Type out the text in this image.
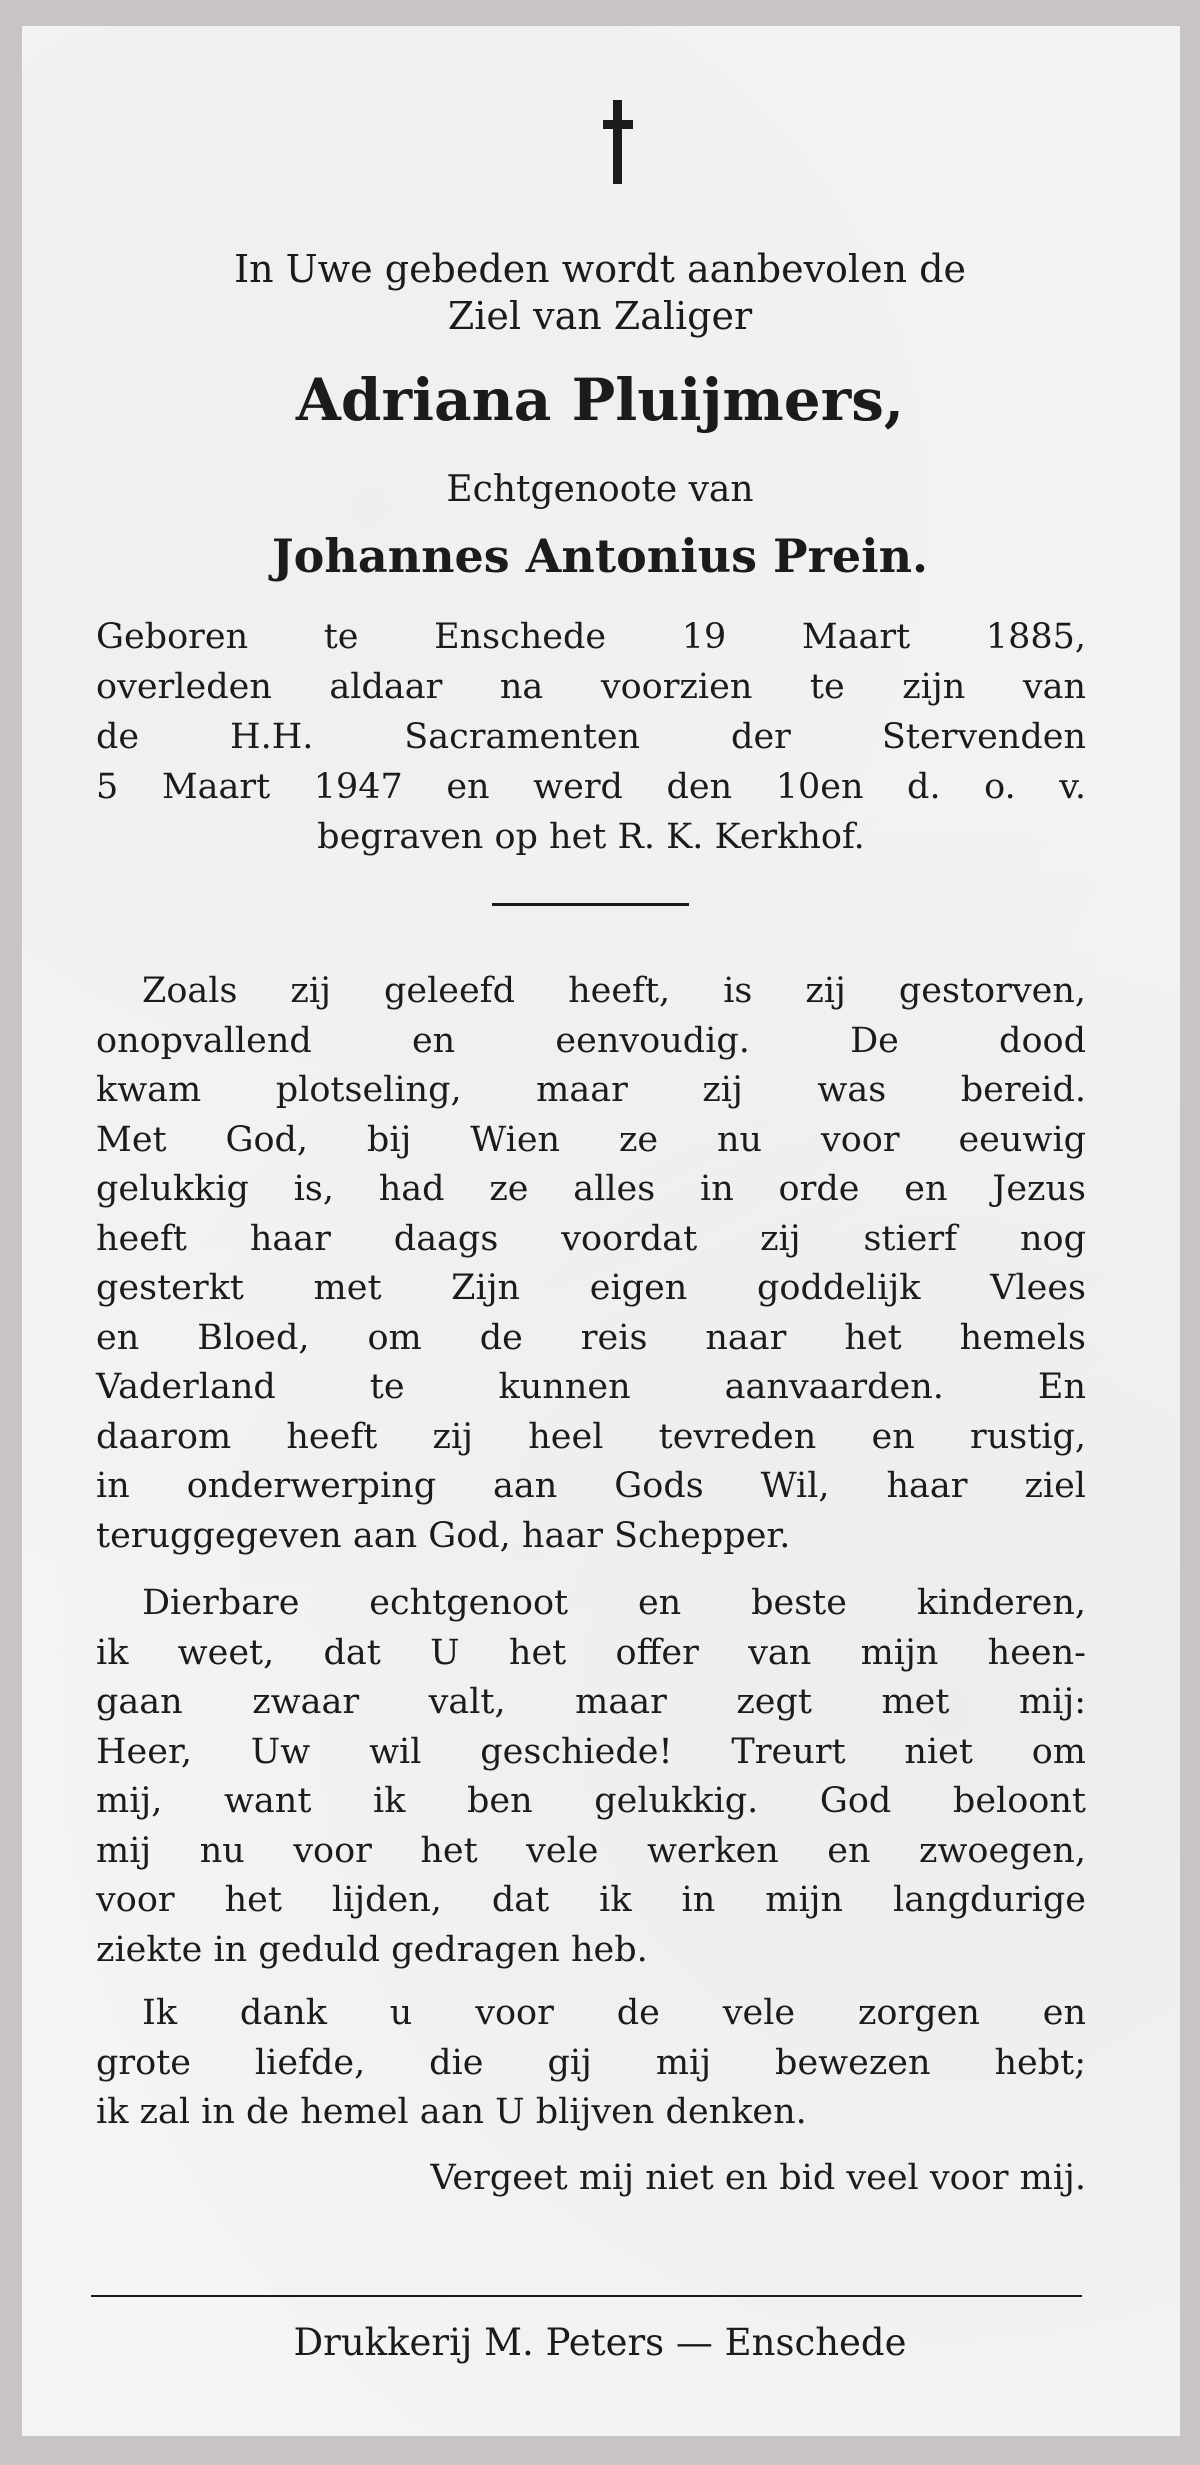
In Uwe gebeden wordt aanbevolen de
Ziel van Zaliger
Adriana Pluijmers,
Echtgenoote van
Johannes Antonius Prein.
Geboren te Enschede 19 Maart 1885,
overleden aldaar na voorzien te zijn van
de H.H. Sacramenten der Stervenden
5 Maart 1947 en werd den 10en d. o. v.
begraven op het R. K. Kerkhof.
Zoals zij geleefd heeft, is zij gestorven,
onopvallend en eenvoudig. De dood
kwam plotseling, maar zij was bereid.
Met God, bij Wien ze nu voor eeuwig
gelukkig is, had ze alles in orde en Jezus
heeft haar daags voordat zij stierf nog
gesterkt met Zijn eigen goddelijk Vlees
en Bloed, om de reis naar het hemels
Vaderland te kunnen aanvaarden. En
daarom heeft zij heel tevreden en rustig,
in onderwerping aan Gods Wil, haar ziel
teruggegeven aan God, haar Schepper.
Dierbare echtgenoot en beste kinderen,
ik weet, dat U het offer van mijn heen-
gaan zwaar valt, maar zegt met mij:
Heer, Uw wil geschiede! Treurt niet om
mij, want ik ben gelukkig. God beloont
mij nu voor het vele werken en zwoegen,
voor het lijden, dat ik in mijn langdurige
ziekte in geduld gedragen heb.
Ik dank u voor de vele zorgen en
grote liefde, die gij mij bewezen hebt;
ik zal in de hemel aan U blijven denken.
Vergeet mij niet en bid veel voor mij.
Drukkerij M. Peters — Enschede
